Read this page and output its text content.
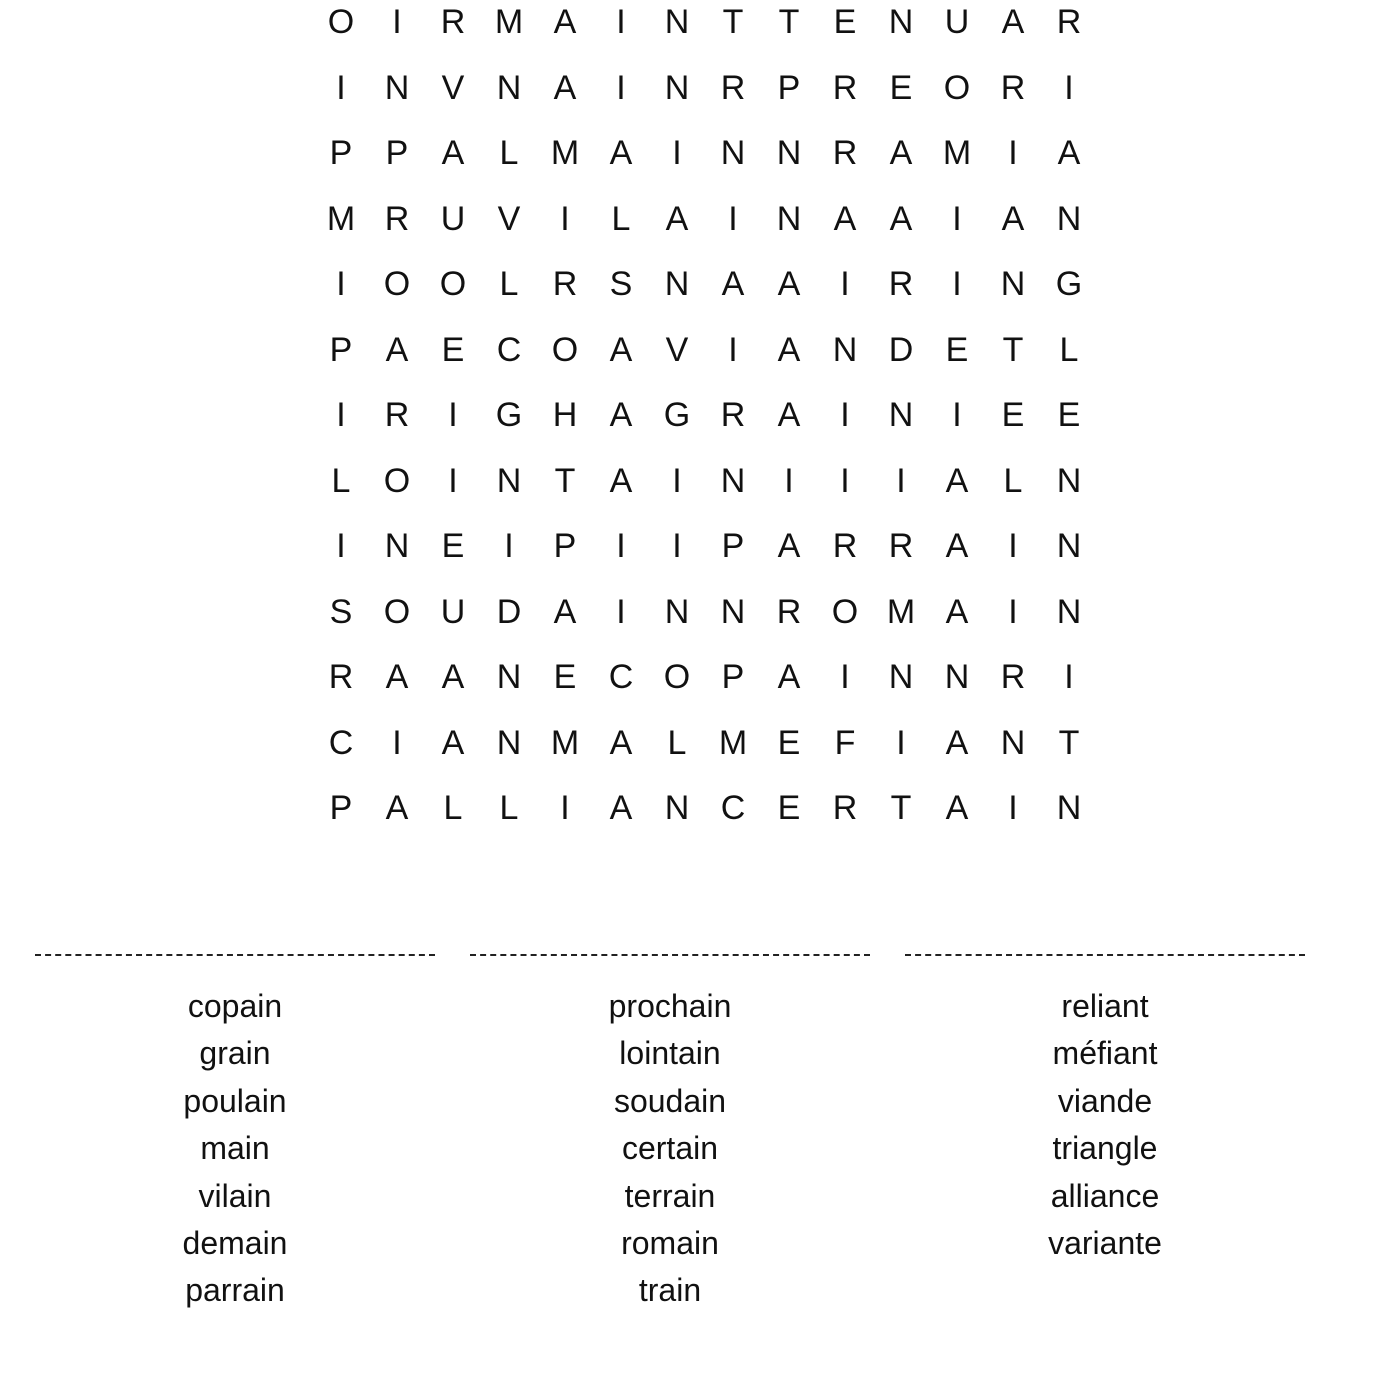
O	I	R M A	I	N T	T	E N U A R
I	N V N A	I	N R P R E O R	I
P P A	L M A	I	N N R A M	I	A
M R U V	I	L	A	I	N A A	I	A N
I	O O L	R S N A A	I	R	I	N G
P A E C O A V	I	A N D E	T	L
I	R	I	G H A G R A	I	N	I	E E
L O	I	N T	A	I	N	I	I	I	A	L	N
I	N E	I	P	I	I	P A R R A	I	N
S O U D A	I	N N R O M A	I	N
R A A N E C O P A	I	N N R	I
C	I	A N M A	L M E	F	I	A N T
P A	L	L	I	A N C E R T	A	I	N
copain
grain
poulain
main
vilain
demain
parrain
prochain
lointain
soudain
certain
terrain
romain
train
reliant
méfiant
viande
triangle
alliance
variante
